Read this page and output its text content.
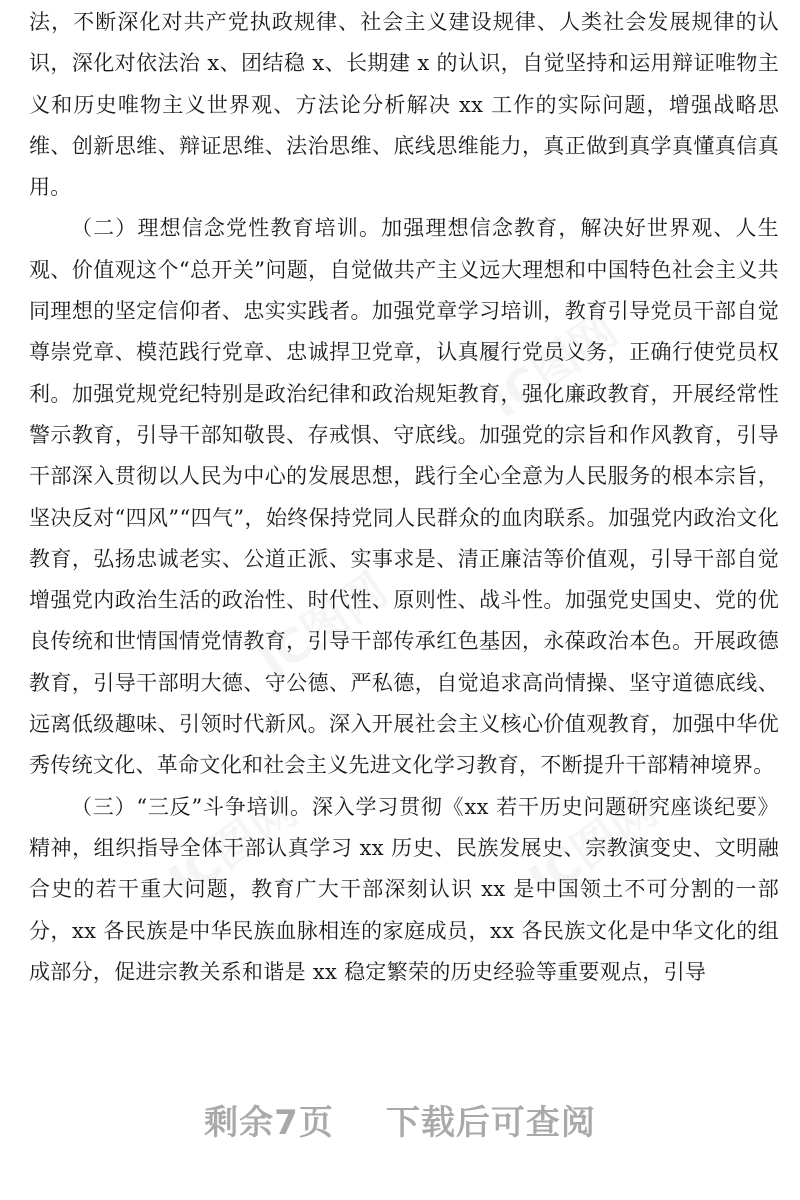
IC图网
IC图网
IC图网	IC图网

法，不断深化对共产党执政规律、社会主义建设规律、人类社会发展规律的认识，深化对依法治 x、团结稳 x、长期建 x 的认识，自觉坚持和运用辩证唯物主义和历史唯物主义世界观、方法论分析解决 xx 工作的实际问题，增强战略思维、创新思维、辩证思维、法治思维、底线思维能力，真正做到真学真懂真信真用。

（二）理想信念党性教育培训。加强理想信念教育，解决好世界观、人生观、价值观这个“总开关”问题，自觉做共产主义远大理想和中国特色社会主义共同理想的坚定信仰者、忠实实践者。加强党章学习培训，教育引导党员干部自觉尊崇党章、模范践行党章、忠诚捍卫党章，认真履行党员义务，正确行使党员权利。加强党规党纪特别是政治纪律和政治规矩教育，强化廉政教育，开展经常性警示教育，引导干部知敬畏、存戒惧、守底线。加强党的宗旨和作风教育，引导干部深入贯彻以人民为中心的发展思想，践行全心全意为人民服务的根本宗旨，坚决反对“四风”“四气”，始终保持党同人民群众的血肉联系。加强党内政治文化教育，弘扬忠诚老实、公道正派、实事求是、清正廉洁等价值观，引导干部自觉增强党内政治生活的政治性、时代性、原则性、战斗性。加强党史国史、党的优良传统和世情国情党情教育，引导干部传承红色基因，永葆政治本色。开展政德教育，引导干部明大德、守公德、严私德，自觉追求高尚情操、坚守道德底线、远离低级趣味、引领时代新风。深入开展社会主义核心价值观教育，加强中华优秀传统文化、革命文化和社会主义先进文化学习教育，不断提升干部精神境界。

（三）“三反”斗争培训。深入学习贯彻《xx 若干历史问题研究座谈纪要》精神，组织指导全体干部认真学习 xx 历史、民族发展史、宗教演变史、文明融合史的若干重大问题，教育广大干部深刻认识 xx 是中国领土不可分割的一部分，xx 各民族是中华民族血脉相连的家庭成员，xx 各民族文化是中华文化的组成部分，促进宗教关系和谐是 xx 稳定繁荣的历史经验等重要观点，引导

剩余7页 下载后可查阅
